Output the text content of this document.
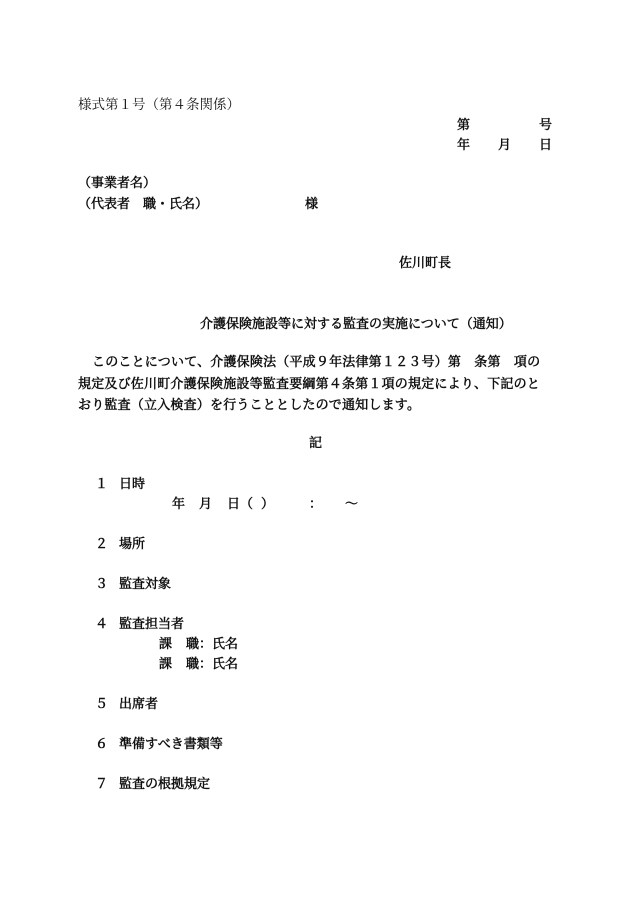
様式第１号（第４条関係）
第	号
年 月 日
（事業者名）
（代表者　職・氏名）	様
佐川町長
介護保険施設等に対する監査の実施について（通知）
このことについて、介護保険法（平成９年法律第１２３号）第　条第　項の
規定及び佐川町介護保険施設等監査要綱第４条第１項の規定により、下記のと
おり監査（立入検査）を行うこととしたので通知します。
記
１ 日時
年 月 日（ ）	： 〜
２ 場所
３ 監査対象
４ 監査担当者
課 職：氏名
課 職：氏名
５ 出席者
６ 準備すべき書類等
７ 監査の根拠規定
